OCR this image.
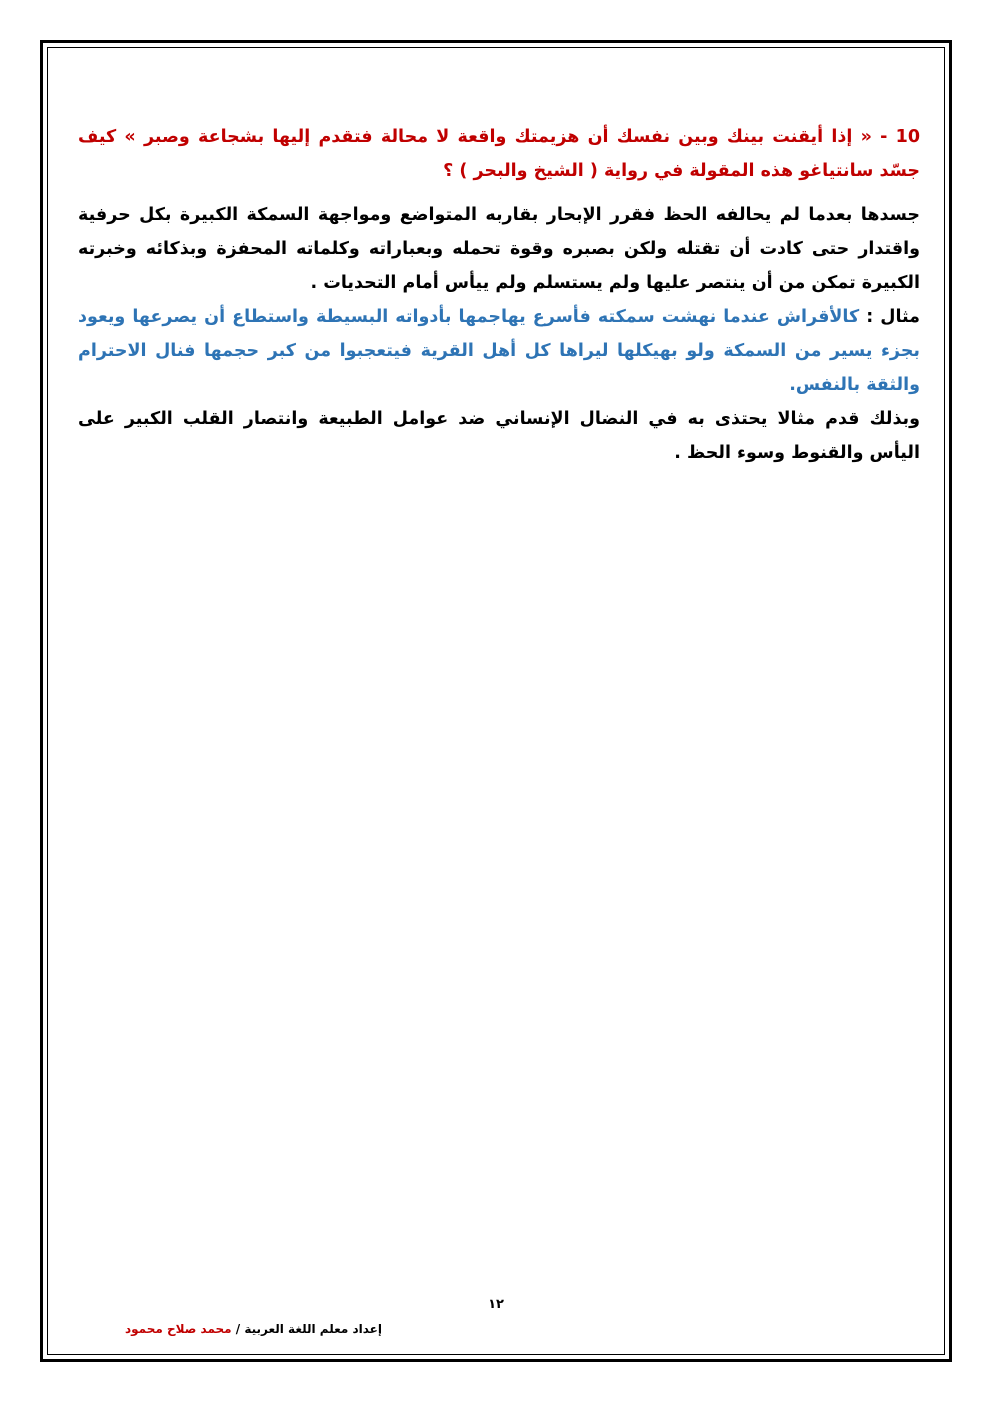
10 - « إذا أيقنت بينك وبين نفسك أن هزيمتك واقعة لا محالة فتقدم إليها بشجاعة وصبر » كيف جسّد سانتياغو هذه المقولة في رواية ( الشيخ والبحر ) ؟

جسدها بعدما لم يحالفه الحظ فقرر الإبحار بقاربه المتواضع ومواجهة السمكة الكبيرة بكل حرفية واقتدار حتى كادت أن تقتله ولكن بصبره وقوة تحمله وبعباراته وكلماته المحفزة وبذكائه وخبرته الكبيرة تمكن من أن ينتصر عليها ولم يستسلم ولم ييأس أمام التحديات .

مثال : كالأقراش عندما نهشت سمكته فأسرع يهاجمها بأدواته البسيطة واستطاع أن يصرعها ويعود بجزء يسير من السمكة ولو بهيكلها ليراها كل أهل القرية فيتعجبوا من كبر حجمها فنال الاحترام والثقة بالنفس.

وبذلك قدم مثالا يحتذى به في النضال الإنساني ضد عوامل الطبيعة وانتصار القلب الكبير على اليأس والقنوط وسوء الحظ .

١٢
إعداد معلم اللغة العربية / محمد صلاح محمود
